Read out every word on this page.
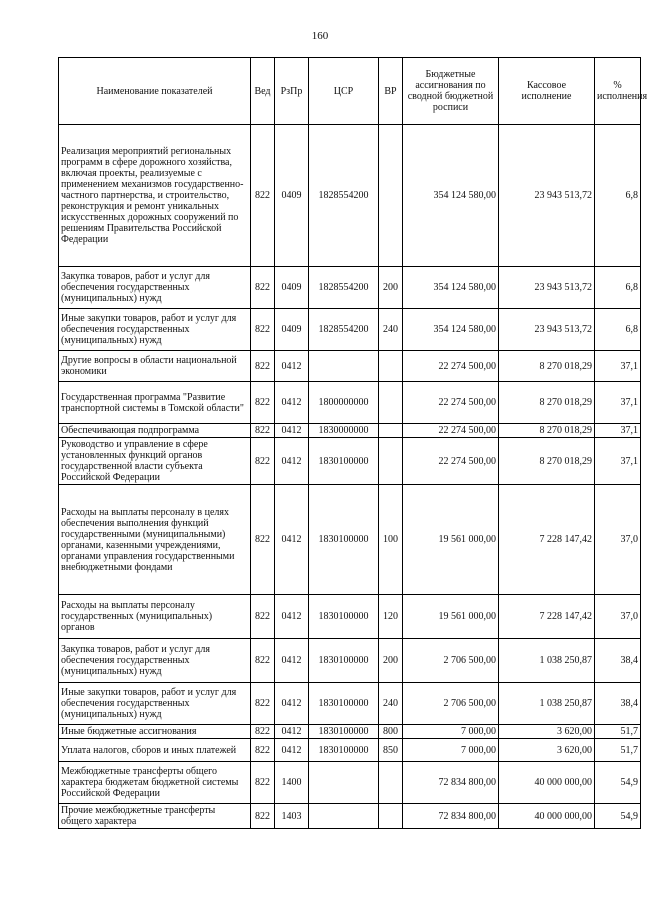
160
Наименование показателей	Вед	РзПр	ЦСР	ВР	Бюджетные ассигнования по сводной бюджетной росписи	Кассовое исполнение	% исполнения
Реализация мероприятий региональных программ в сфере дорожного хозяйства, включая проекты, реализуемые с применением механизмов государственно-частного партнерства, и строительство, реконструкция и ремонт уникальных искусственных дорожных сооружений по решениям Правительства Российской Федерации	822	0409	1828554200		354 124 580,00	23 943 513,72	6,8
Закупка товаров, работ и услуг для обеспечения государственных (муниципальных) нужд	822	0409	1828554200	200	354 124 580,00	23 943 513,72	6,8
Иные закупки товаров, работ и услуг для обеспечения государственных (муниципальных) нужд	822	0409	1828554200	240	354 124 580,00	23 943 513,72	6,8
Другие вопросы в области национальной экономики	822	0412			22 274 500,00	8 270 018,29	37,1
Государственная программа "Развитие транспортной системы в Томской области"	822	0412	1800000000		22 274 500,00	8 270 018,29	37,1
Обеспечивающая подпрограмма	822	0412	1830000000		22 274 500,00	8 270 018,29	37,1
Руководство и управление в сфере установленных функций органов государственной власти субъекта Российской Федерации	822	0412	1830100000		22 274 500,00	8 270 018,29	37,1
Расходы на выплаты персоналу в целях обеспечения выполнения функций государственными (муниципальными) органами, казенными учреждениями, органами управления государственными внебюджетными фондами	822	0412	1830100000	100	19 561 000,00	7 228 147,42	37,0
Расходы на выплаты персоналу государственных (муниципальных) органов	822	0412	1830100000	120	19 561 000,00	7 228 147,42	37,0
Закупка товаров, работ и услуг для обеспечения государственных (муниципальных) нужд	822	0412	1830100000	200	2 706 500,00	1 038 250,87	38,4
Иные закупки товаров, работ и услуг для обеспечения государственных (муниципальных) нужд	822	0412	1830100000	240	2 706 500,00	1 038 250,87	38,4
Иные бюджетные ассигнования	822	0412	1830100000	800	7 000,00	3 620,00	51,7
Уплата налогов, сборов и иных платежей	822	0412	1830100000	850	7 000,00	3 620,00	51,7
Межбюджетные трансферты общего характера бюджетам бюджетной системы Российской Федерации	822	1400			72 834 800,00	40 000 000,00	54,9
Прочие межбюджетные трансферты общего характера	822	1403			72 834 800,00	40 000 000,00	54,9
